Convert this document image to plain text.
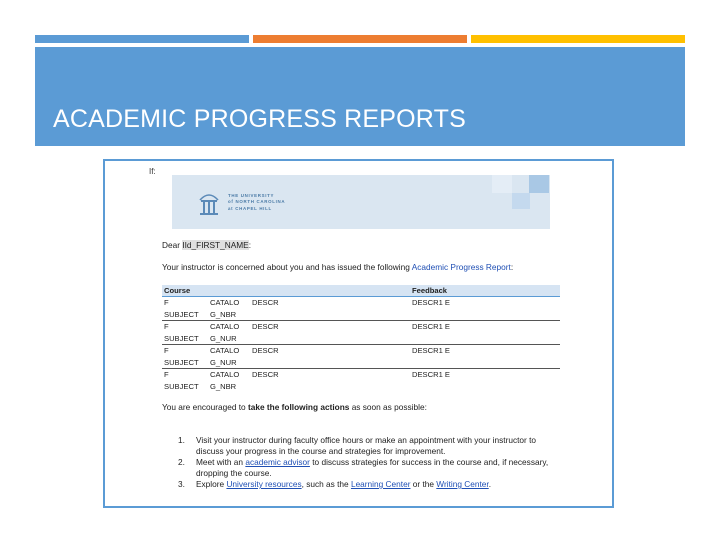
ACADEMIC PROGRESS REPORTS
If:
THE UNIVERSITY
of NORTH CAROLINA
at CHAPEL HILL
Dear IId_FIRST_NAME:
Your instructor is concerned about you and has issued the following Academic Progress Report:
Course			Feedback
F	CATALO	DESCR	DESCR1 E
SUBJECT	G_NBR		
F	CATALO	DESCR	DESCR1 E
SUBJECT	G_NUR		
F	CATALO	DESCR	DESCR1 E
SUBJECT	G_NUR		
F	CATALO	DESCR	DESCR1 E
SUBJECT	G_NBR		
You are encouraged to take the following actions as soon as possible:
1.	Visit your instructor during faculty office hours or make an appointment with your instructor to discuss your progress in the course and strategies for improvement.
2.	Meet with an academic advisor to discuss strategies for success in the course and, if necessary, dropping the course.
3.	Explore University resources, such as the Learning Center or the Writing Center.
